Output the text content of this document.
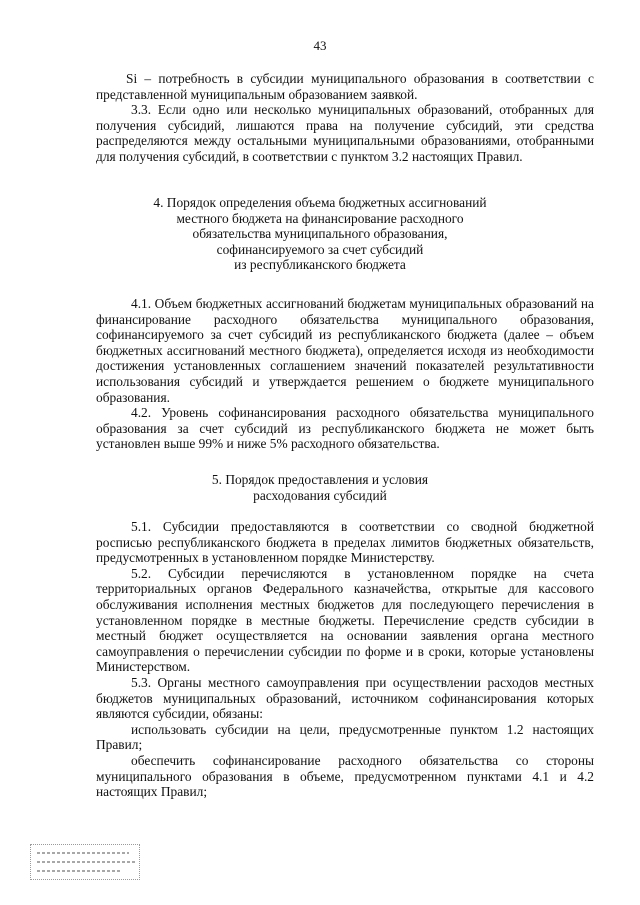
43

Si – потребность в субсидии муниципального образования в соответствии с представленной муниципальным образованием заявкой.

3.3. Если одно или несколько муниципальных образований, отобранных для получения субсидий, лишаются права на получение субсидий, эти средства распределяются между остальными муниципальными образованиями, отобранными для получения субсидий, в соответствии с пунктом 3.2 настоящих Правил.

4. Порядок определения объема бюджетных ассигнований
местного бюджета на финансирование расходного
обязательства муниципального образования,
софинансируемого за счет субсидий
из республиканского бюджета

4.1. Объем бюджетных ассигнований бюджетам муниципальных образований на финансирование расходного обязательства муниципального образования, софинансируемого за счет субсидий из республиканского бюджета (далее – объем бюджетных ассигнований местного бюджета), определяется исходя из необходимости достижения установленных соглашением значений показателей результативности использования субсидий и утверждается решением о бюджете муниципального образования.

4.2. Уровень софинансирования расходного обязательства муниципального образования за счет субсидий из республиканского бюджета не может быть установлен выше 99% и ниже 5% расходного обязательства.

5. Порядок предоставления и условия
расходования субсидий

5.1. Субсидии предоставляются в соответствии со сводной бюджетной росписью республиканского бюджета в пределах лимитов бюджетных обязательств, предусмотренных в установленном порядке Министерству.

5.2. Субсидии перечисляются в установленном порядке на счета территориальных органов Федерального казначейства, открытые для кассового обслуживания исполнения местных бюджетов для последующего перечисления в установленном порядке в местные бюджеты. Перечисление средств субсидии в местный бюджет осуществляется на основании заявления органа местного самоуправления о перечислении субсидии по форме и в сроки, которые установлены Министерством.

5.3. Органы местного самоуправления при осуществлении расходов местных бюджетов муниципальных образований, источником софинансирования которых являются субсидии, обязаны:

использовать субсидии на цели, предусмотренные пунктом 1.2 настоящих Правил;

обеспечить софинансирование расходного обязательства со стороны муниципального образования в объеме, предусмотренном пунктами 4.1 и 4.2 настоящих Правил;
